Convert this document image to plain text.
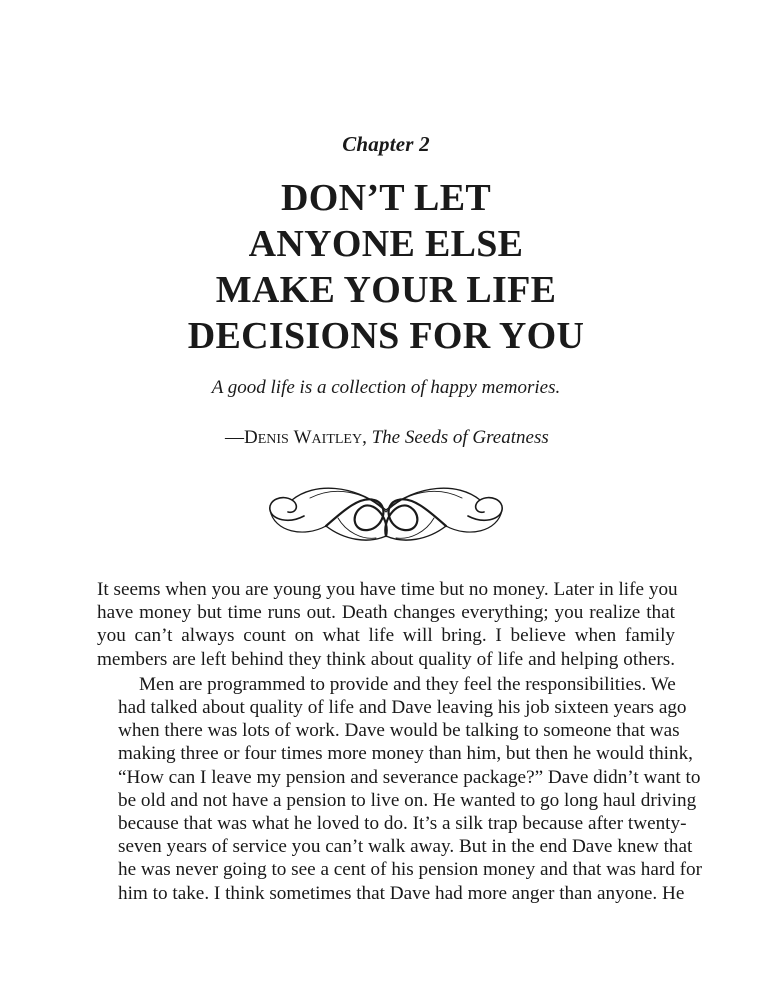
Chapter 2
DON’T LET
ANYONE ELSE
MAKE YOUR LIFE
DECISIONS FOR YOU
A good life is a collection of happy memories.
—DENIS WAITLEY, The Seeds of Greatness

It seems when you are young you have time but no money. Later in life you
have money but time runs out. Death changes everything; you realize that
you can’t always count on what life will bring. I believe when family
members are left behind they think about quality of life and helping others.

Men are programmed to provide and they feel the responsibilities. We
had talked about quality of life and Dave leaving his job sixteen years ago
when there was lots of work. Dave would be talking to someone that was
making three or four times more money than him, but then he would think,
“How can I leave my pension and severance package?” Dave didn’t want to
be old and not have a pension to live on. He wanted to go long haul driving
because that was what he loved to do. It’s a silk trap because after twenty-
seven years of service you can’t walk away. But in the end Dave knew that
he was never going to see a cent of his pension money and that was hard for
him to take. I think sometimes that Dave had more anger than anyone. He
